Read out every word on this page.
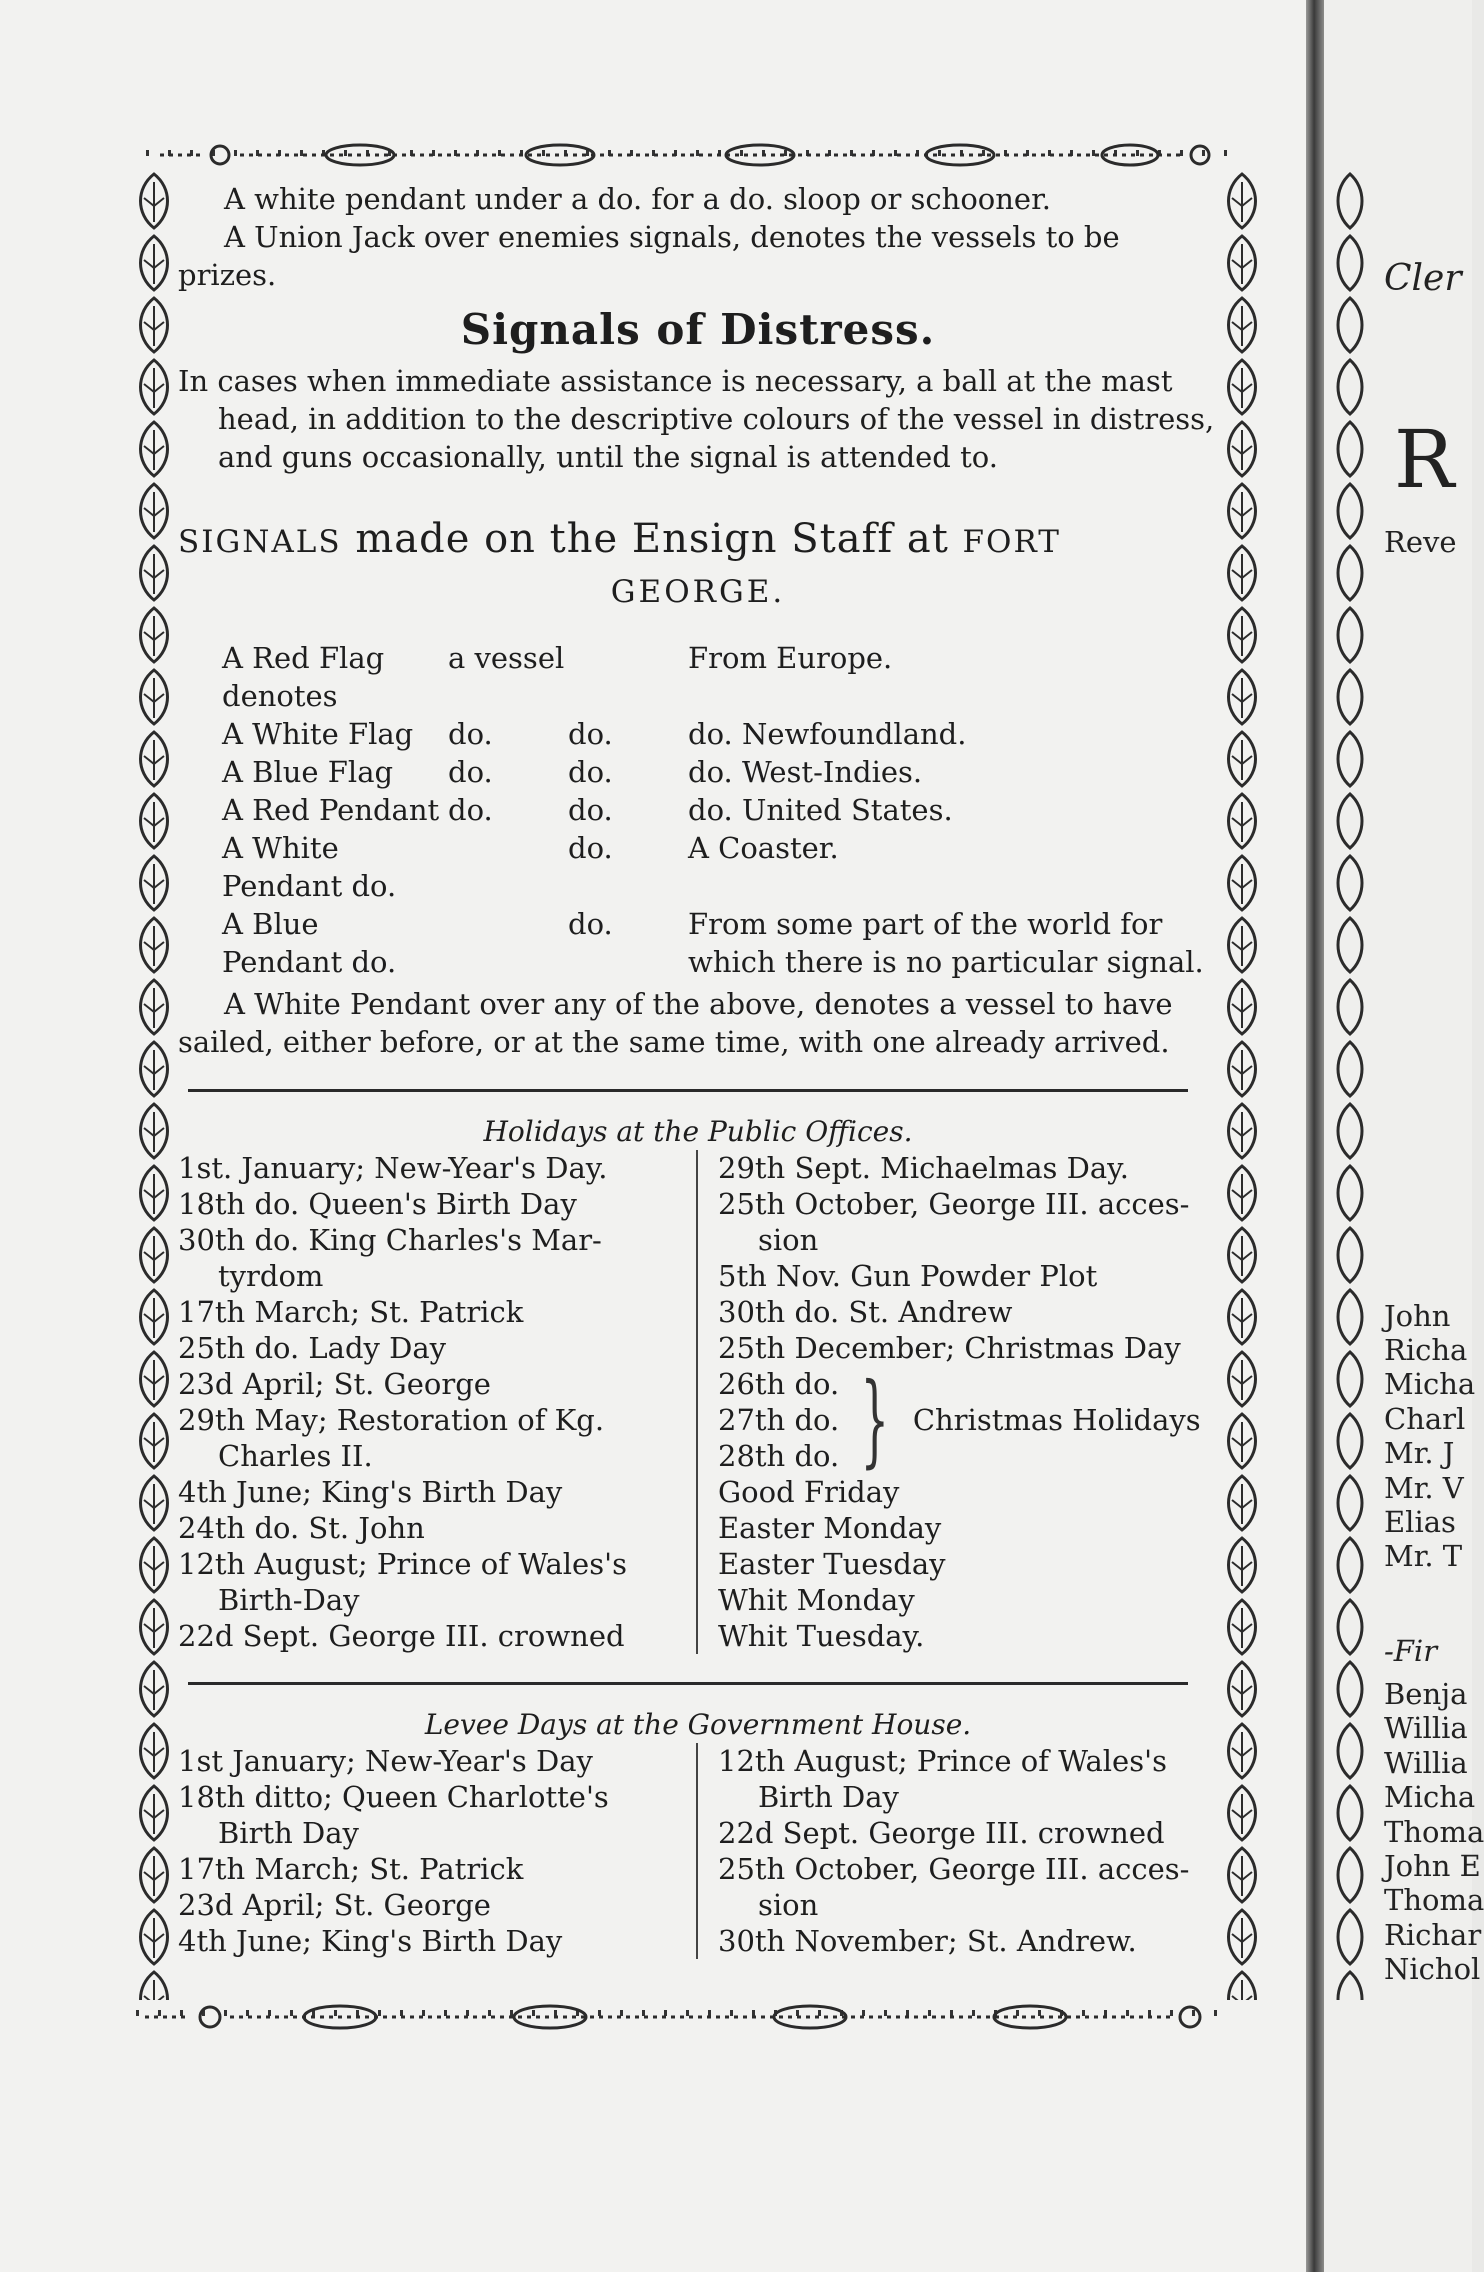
A white pendant under a do. for a do. sloop or schooner.

A Union Jack over enemies signals, denotes the vessels to be prizes.

Signals of Distress.

In cases when immediate assistance is necessary, a ball at the mast head, in addition to the descriptive colours of the vessel in distress, and guns occasionally, until the signal is attended to.

SIGNALS made on the Ensign Staff at FORT
GEORGE.
A Red Flag denotes	a vessel		From Europe.
A White Flag	do.	do.	do. Newfoundland.
A Blue Flag	do.	do.	do. West-Indies.
A Red Pendant	do.	do.	do. United States.
A White Pendant do.		do.	A Coaster.
A Blue Pendant do.		do.	From some part of the world for which there is no particular signal.

A White Pendant over any of the above, denotes a vessel to have sailed, either before, or at the same time, with one already arrived.

Holidays at the Public Offices.

1st. January; New-Year's Day.

18th do. Queen's Birth Day

30th do. King Charles's Mar-

tyrdom

17th March; St. Patrick

25th do. Lady Day

23d April; St. George

29th May; Restoration of Kg.

Charles II.

4th June; King's Birth Day

24th do. St. John

12th August; Prince of Wales's

Birth-Day

22d Sept. George III. crowned

29th Sept. Michaelmas Day.

25th October, George III. acces-

sion

5th Nov. Gun Powder Plot

30th do. St. Andrew

25th December; Christmas Day

26th do.

27th do.

28th do. } Christmas Holidays

Good Friday

Easter Monday

Easter Tuesday

Whit Monday

Whit Tuesday.

Levee Days at the Government House.

1st January; New-Year's Day

18th ditto; Queen Charlotte's

Birth Day

17th March; St. Patrick

23d April; St. George

4th June; King's Birth Day

12th August; Prince of Wales's

Birth Day

22d Sept. George III. crowned

25th October, George III. acces-

sion

30th November; St. Andrew.

Cler
R
Reve
John
Richa
Micha
Charl
Mr. J
Mr. V
Elias
Mr. T
-Fir
Benja
Willia
Willia
Micha
Thoma
John E
Thoma
Richar
Nichol
